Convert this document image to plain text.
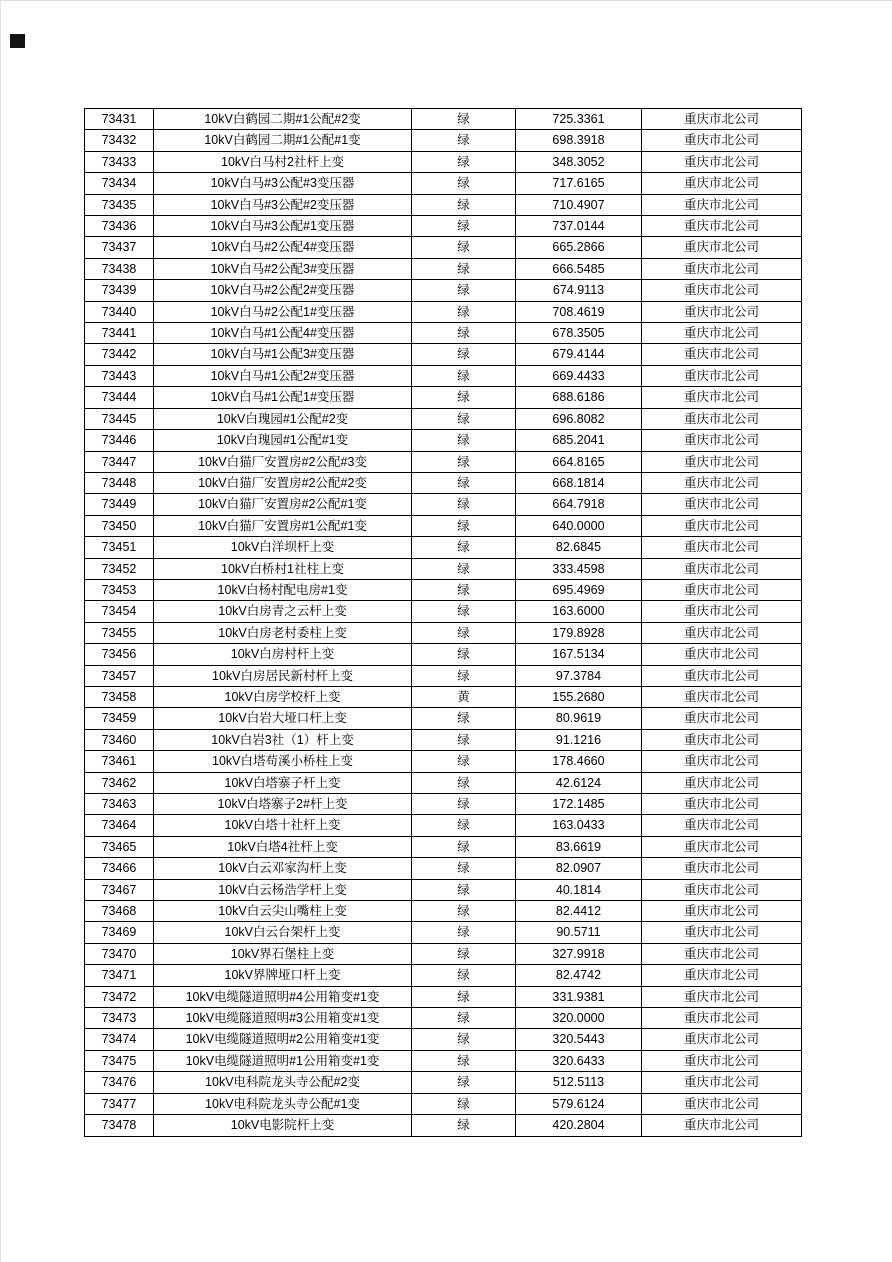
73431	10kV白鹤园二期#1公配#2变	绿	725.3361	重庆市北公司
73432	10kV白鹤园二期#1公配#1变	绿	698.3918	重庆市北公司
73433	10kV白马村2社杆上变	绿	348.3052	重庆市北公司
73434	10kV白马#3公配#3变压器	绿	717.6165	重庆市北公司
73435	10kV白马#3公配#2变压器	绿	710.4907	重庆市北公司
73436	10kV白马#3公配#1变压器	绿	737.0144	重庆市北公司
73437	10kV白马#2公配4#变压器	绿	665.2866	重庆市北公司
73438	10kV白马#2公配3#变压器	绿	666.5485	重庆市北公司
73439	10kV白马#2公配2#变压器	绿	674.9113	重庆市北公司
73440	10kV白马#2公配1#变压器	绿	708.4619	重庆市北公司
73441	10kV白马#1公配4#变压器	绿	678.3505	重庆市北公司
73442	10kV白马#1公配3#变压器	绿	679.4144	重庆市北公司
73443	10kV白马#1公配2#变压器	绿	669.4433	重庆市北公司
73444	10kV白马#1公配1#变压器	绿	688.6186	重庆市北公司
73445	10kV白瑰园#1公配#2变	绿	696.8082	重庆市北公司
73446	10kV白瑰园#1公配#1变	绿	685.2041	重庆市北公司
73447	10kV白猫厂安置房#2公配#3变	绿	664.8165	重庆市北公司
73448	10kV白猫厂安置房#2公配#2变	绿	668.1814	重庆市北公司
73449	10kV白猫厂安置房#2公配#1变	绿	664.7918	重庆市北公司
73450	10kV白猫厂安置房#1公配#1变	绿	640.0000	重庆市北公司
73451	10kV白洋坝杆上变	绿	82.6845	重庆市北公司
73452	10kV白桥村1社柱上变	绿	333.4598	重庆市北公司
73453	10kV白杨村配电房#1变	绿	695.4969	重庆市北公司
73454	10kV白房青之云杆上变	绿	163.6000	重庆市北公司
73455	10kV白房老村委柱上变	绿	179.8928	重庆市北公司
73456	10kV白房村杆上变	绿	167.5134	重庆市北公司
73457	10kV白房居民新村杆上变	绿	97.3784	重庆市北公司
73458	10kV白房学校杆上变	黄	155.2680	重庆市北公司
73459	10kV白岩大垭口杆上变	绿	80.9619	重庆市北公司
73460	10kV白岩3社（1）杆上变	绿	91.1216	重庆市北公司
73461	10kV白塔苟溪小桥柱上变	绿	178.4660	重庆市北公司
73462	10kV白塔寨子杆上变	绿	42.6124	重庆市北公司
73463	10kV白塔寨子2#杆上变	绿	172.1485	重庆市北公司
73464	10kV白塔十社杆上变	绿	163.0433	重庆市北公司
73465	10kV白塔4社杆上变	绿	83.6619	重庆市北公司
73466	10kV白云邓家沟杆上变	绿	82.0907	重庆市北公司
73467	10kV白云杨浩学杆上变	绿	40.1814	重庆市北公司
73468	10kV白云尖山嘴柱上变	绿	82.4412	重庆市北公司
73469	10kV白云台架杆上变	绿	90.5711	重庆市北公司
73470	10kV界石堡柱上变	绿	327.9918	重庆市北公司
73471	10kV界牌垭口杆上变	绿	82.4742	重庆市北公司
73472	10kV电缆隧道照明#4公用箱变#1变	绿	331.9381	重庆市北公司
73473	10kV电缆隧道照明#3公用箱变#1变	绿	320.0000	重庆市北公司
73474	10kV电缆隧道照明#2公用箱变#1变	绿	320.5443	重庆市北公司
73475	10kV电缆隧道照明#1公用箱变#1变	绿	320.6433	重庆市北公司
73476	10kV电科院龙头寺公配#2变	绿	512.5113	重庆市北公司
73477	10kV电科院龙头寺公配#1变	绿	579.6124	重庆市北公司
73478	10kV电影院杆上变	绿	420.2804	重庆市北公司
